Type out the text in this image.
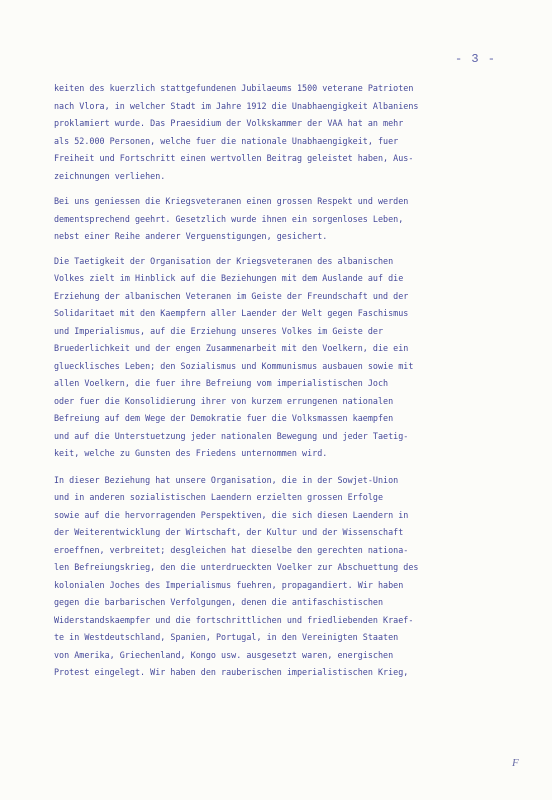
- 3 -
keiten des kuerzlich stattgefundenen Jubilaeums 1500 veterane Patrioten
nach Vlora, in welcher Stadt im Jahre 1912 die Unabhaengigkeit Albaniens
proklamiert wurde. Das Praesidium der Volkskammer der VAA hat an mehr
als 52.000 Personen, welche fuer die nationale Unabhaengigkeit, fuer
Freiheit und Fortschritt einen wertvollen Beitrag geleistet haben, Aus-
zeichnungen verliehen.
Bei uns geniessen die Kriegsveteranen einen grossen Respekt und werden
dementsprechend geehrt. Gesetzlich wurde ihnen ein sorgenloses Leben,
nebst einer Reihe anderer Verguenstigungen, gesichert.
Die Taetigkeit der Organisation der Kriegsveteranen des albanischen
Volkes zielt im Hinblick auf die Beziehungen mit dem Auslande auf die
Erziehung der albanischen Veteranen im Geiste der Freundschaft und der
Solidaritaet mit den Kaempfern aller Laender der Welt gegen Faschismus
und Imperialismus, auf die Erziehung unseres Volkes im Geiste der
Bruederlichkeit und der engen Zusammenarbeit mit den Voelkern, die ein
gluecklisches Leben; den Sozialismus und Kommunismus ausbauen sowie mit
allen Voelkern, die fuer ihre Befreiung vom imperialistischen Joch
oder fuer die Konsolidierung ihrer von kurzem errungenen nationalen
Befreiung auf dem Wege der Demokratie fuer die Volksmassen kaempfen
und auf die Unterstuetzung jeder nationalen Bewegung und jeder Taetig-
keit, welche zu Gunsten des Friedens unternommen wird.
In dieser Beziehung hat unsere Organisation, die in der Sowjet-Union
und in anderen sozialistischen Laendern erzielten grossen Erfolge
sowie auf die hervorragenden Perspektiven, die sich diesen Laendern in
der Weiterentwicklung der Wirtschaft, der Kultur und der Wissenschaft
eroeffnen, verbreitet; desgleichen hat dieselbe den gerechten nationa-
len Befreiungskrieg, den die unterdrueckten Voelker zur Abschuettung des
kolonialen Joches des Imperialismus fuehren, propagandiert. Wir haben
gegen die barbarischen Verfolgungen, denen die antifaschistischen
Widerstandskaempfer und die fortschrittlichen und friedliebenden Kraef-
te in Westdeutschland, Spanien, Portugal, in den Vereinigten Staaten
von Amerika, Griechenland, Kongo usw. ausgesetzt waren, energischen
Protest eingelegt. Wir haben den rauberischen imperialistischen Krieg,
F
